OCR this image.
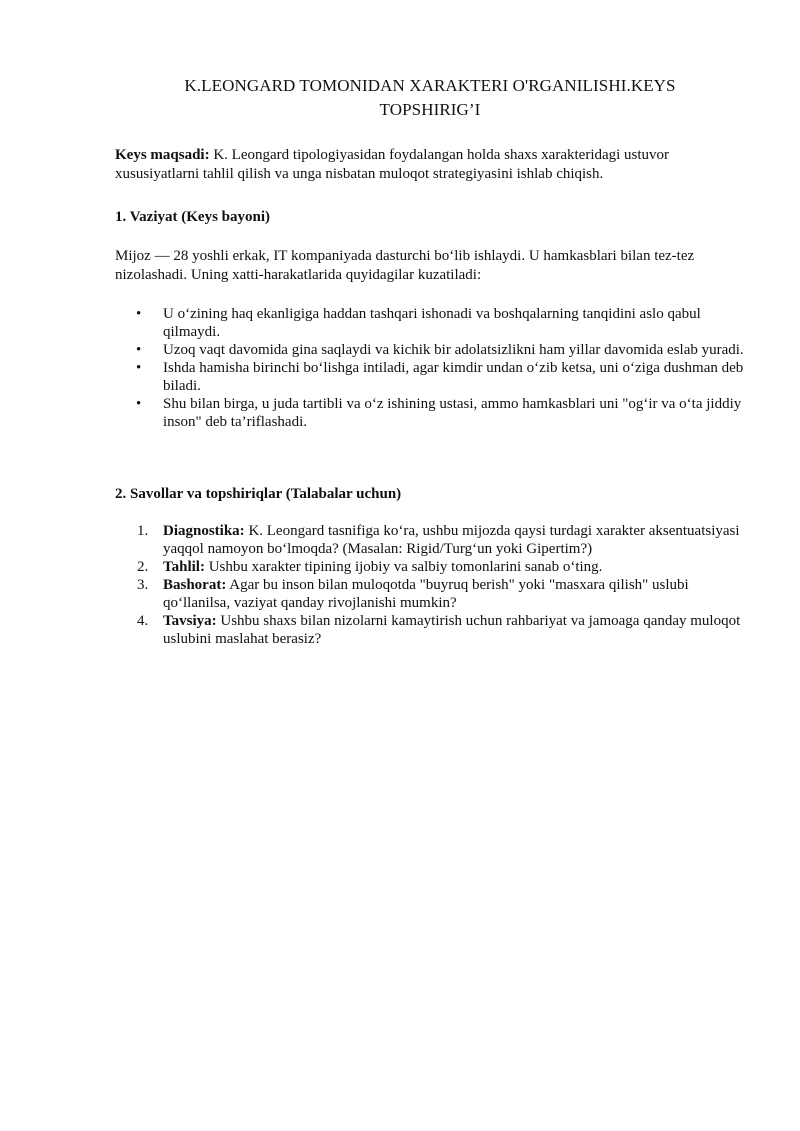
K.LEONGARD TOMONIDAN XARAKTERI O'RGANILISHI.KEYS
TOPSHIRIG’I

Keys maqsadi: K. Leongard tipologiyasidan foydalangan holda shaxs xarakteridagi ustuvor xususiyatlarni tahlil qilish va unga nisbatan muloqot strategiyasini ishlab chiqish.

1. Vaziyat (Keys bayoni)

Mijoz — 28 yoshli erkak, IT kompaniyada dasturchi bo‘lib ishlaydi. U hamkasblari bilan tez-tez nizolashadi. Uning xatti-harakatlarida quyidagilar kuzatiladi:

• U o‘zining haq ekanligiga haddan tashqari ishonadi va boshqalarning tanqidini aslo qabul qilmaydi.
• Uzoq vaqt davomida gina saqlaydi va kichik bir adolatsizlikni ham yillar davomida eslab yuradi.
• Ishda hamisha birinchi bo‘lishga intiladi, agar kimdir undan o‘zib ketsa, uni o‘ziga dushman deb biladi.
• Shu bilan birga, u juda tartibli va o‘z ishining ustasi, ammo hamkasblari uni "og‘ir va o‘ta jiddiy inson" deb ta’riflashadi.

2. Savollar va topshiriqlar (Talabalar uchun)

1. Diagnostika: K. Leongard tasnifiga ko‘ra, ushbu mijozda qaysi turdagi xarakter aksentuatsiyasi yaqqol namoyon bo‘lmoqda? (Masalan: Rigid/Turg‘un yoki Gipertim?)
2. Tahlil: Ushbu xarakter tipining ijobiy va salbiy tomonlarini sanab o‘ting.
3. Bashorat: Agar bu inson bilan muloqotda "buyruq berish" yoki "masxara qilish" uslubi qo‘llanilsa, vaziyat qanday rivojlanishi mumkin?
4. Tavsiya: Ushbu shaxs bilan nizolarni kamaytirish uchun rahbariyat va jamoaga qanday muloqot uslubini maslahat berasiz?
